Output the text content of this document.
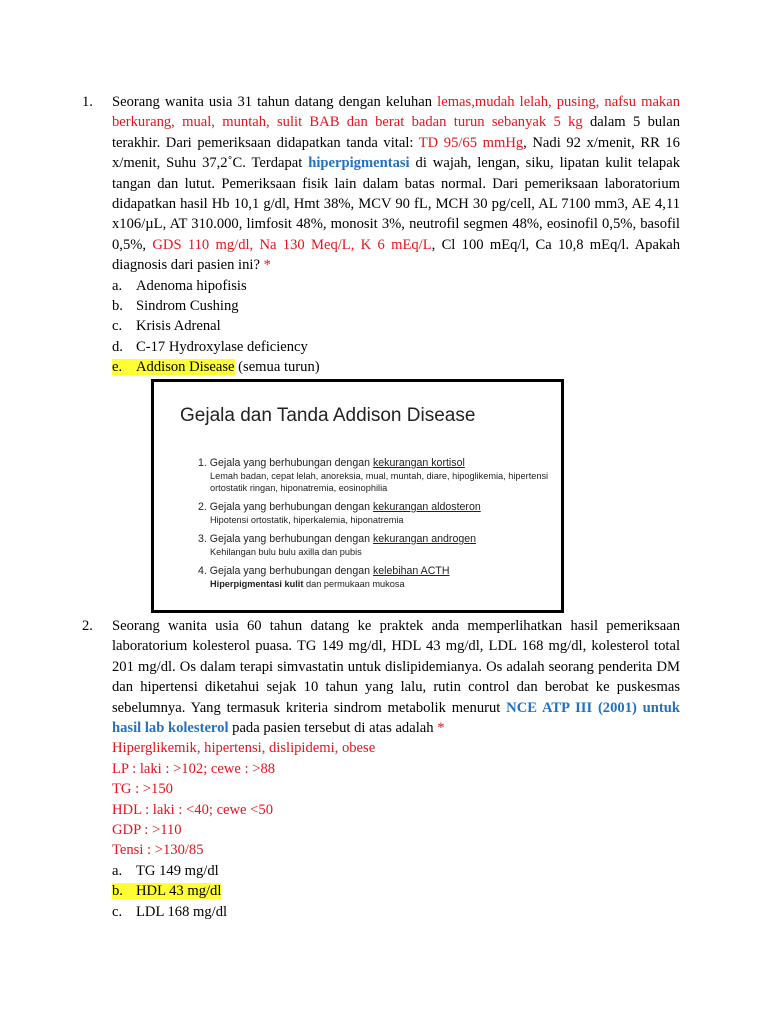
1. Seorang wanita usia 31 tahun datang dengan keluhan lemas,mudah lelah, pusing, nafsu makan berkurang, mual, muntah, sulit BAB dan berat badan turun sebanyak 5 kg dalam 5 bulan terakhir. Dari pemeriksaan didapatkan tanda vital: TD 95/65 mmHg, Nadi 92 x/menit, RR 16 x/menit, Suhu 37,2˚C. Terdapat hiperpigmentasi di wajah, lengan, siku, lipatan kulit telapak tangan dan lutut. Pemeriksaan fisik lain dalam batas normal. Dari pemeriksaan laboratorium didapatkan hasil Hb 10,1 g/dl, Hmt 38%, MCV 90 fL, MCH 30 pg/cell, AL 7100 mm3, AE 4,11 x106/µL, AT 310.000, limfosit 48%, monosit 3%, neutrofil segmen 48%, eosinofil 0,5%, basofil 0,5%, GDS 110 mg/dl, Na 130 Meq/L, K 6 mEq/L, Cl 100 mEq/l, Ca 10,8 mEq/l. Apakah diagnosis dari pasien ini? *

a. Adenoma hipofisis

b. Sindrom Cushing

c. Krisis Adrenal

d. C-17 Hydroxylase deficiency

e. Addison Disease (semua turun)

Gejala dan Tanda Addison Disease
1. Gejala yang berhubungan dengan kekurangan kortisol
Lemah badan, cepat lelah, anoreksia, mual, muntah, diare, hipoglikemia, hipertensi ortostatik ringan, hiponatremia, eosinophilia
2. Gejala yang berhubungan dengan kekurangan aldosteron
Hipotensi ortostatik, hiperkalemia, hiponatremia
3. Gejala yang berhubungan dengan kekurangan androgen
Kehilangan bulu bulu axilla dan pubis
4. Gejala yang berhubungan dengan kelebihan ACTH
Hiperpigmentasi kulit dan permukaan mukosa
2. Seorang wanita usia 60 tahun datang ke praktek anda memperlihatkan hasil pemeriksaan laboratorium kolesterol puasa. TG 149 mg/dl, HDL 43 mg/dl, LDL 168 mg/dl, kolesterol total 201 mg/dl. Os dalam terapi simvastatin untuk dislipidemianya. Os adalah seorang penderita DM dan hipertensi diketahui sejak 10 tahun yang lalu, rutin control dan berobat ke puskesmas sebelumnya. Yang termasuk kriteria sindrom metabolik menurut NCE ATP III (2001) untuk hasil lab kolesterol pada pasien tersebut di atas adalah *

Hiperglikemik, hipertensi, dislipidemi, obese

LP : laki : >102; cewe : >88

TG : >150

HDL : laki : <40; cewe <50

GDP : >110

Tensi : >130/85

a. TG 149 mg/dl

b. HDL 43 mg/dl

c. LDL 168 mg/dl
